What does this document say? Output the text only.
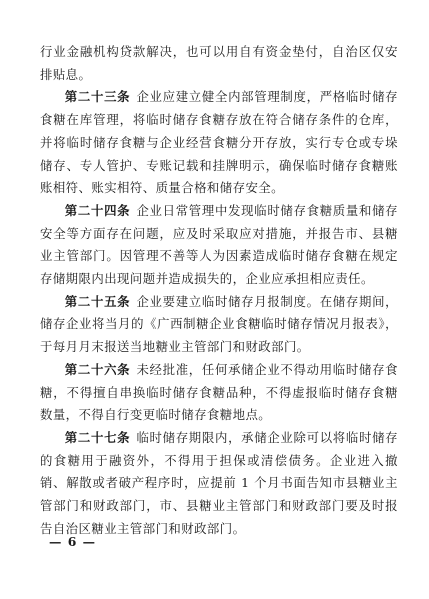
行业金融机构贷款解决，也可以用自有资金垫付，自治区仅安排贴息。

第二十三条 企业应建立健全内部管理制度，严格临时储存食糖在库管理，将临时储存食糖存放在符合储存条件的仓库，并将临时储存食糖与企业经营食糖分开存放，实行专仓或专垛储存、专人管护、专账记载和挂牌明示，确保临时储存食糖账账相符、账实相符、质量合格和储存安全。

第二十四条 企业日常管理中发现临时储存食糖质量和储存安全等方面存在问题，应及时采取应对措施，并报告市、县糖业主管部门。因管理不善等人为因素造成临时储存食糖在规定存储期限内出现问题并造成损失的，企业应承担相应责任。

第二十五条 企业要建立临时储存月报制度。在储存期间，储存企业将当月的《广西制糖企业食糖临时储存情况月报表》，于每月月末报送当地糖业主管部门和财政部门。

第二十六条 未经批准，任何承储企业不得动用临时储存食糖，不得擅自串换临时储存食糖品种，不得虚报临时储存食糖数量，不得自行变更临时储存食糖地点。

第二十七条 临时储存期限内，承储企业除可以将临时储存的食糖用于融资外，不得用于担保或清偿债务。企业进入撤销、解散或者破产程序时，应提前 1 个月书面告知市县糖业主管部门和财政部门，市、县糖业主管部门和财政部门要及时报告自治区糖业主管部门和财政部门。

— 6 —
